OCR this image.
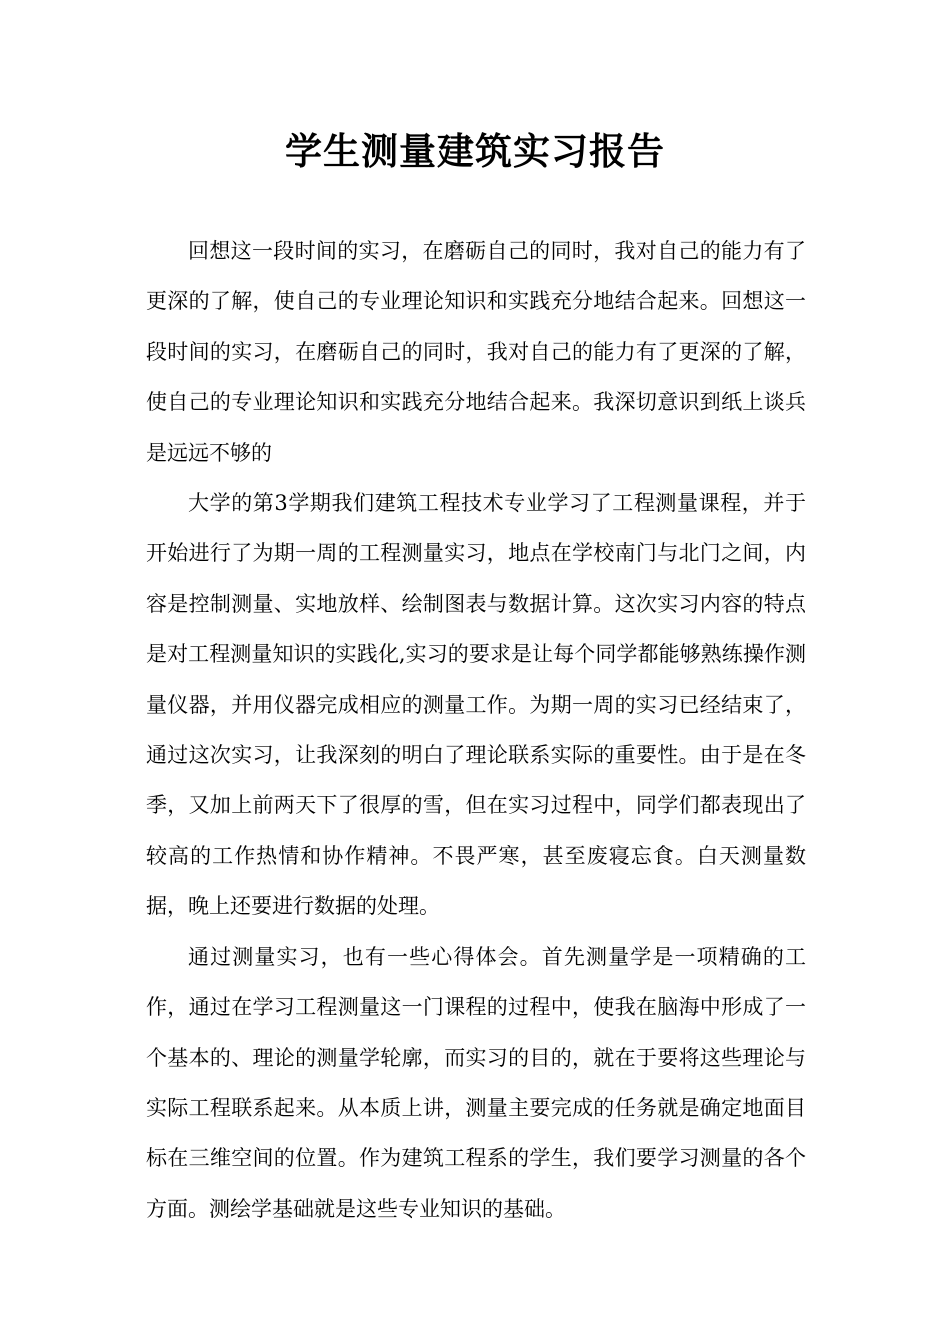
学生测量建筑实习报告

回想这一段时间的实习，在磨砺自己的同时，我对自己的能力有了更深的了解，使自己的专业理论知识和实践充分地结合起来。回想这一段时间的实习，在磨砺自己的同时，我对自己的能力有了更深的了解，使自己的专业理论知识和实践充分地结合起来。我深切意识到纸上谈兵是远远不够的

大学的第3学期我们建筑工程技术专业学习了工程测量课程，并于开始进行了为期一周的工程测量实习，地点在学校南门与北门之间，内容是控制测量、实地放样、绘制图表与数据计算。这次实习内容的特点是对工程测量知识的实践化,实习的要求是让每个同学都能够熟练操作测量仪器，并用仪器完成相应的测量工作。为期一周的实习已经结束了，通过这次实习，让我深刻的明白了理论联系实际的重要性。由于是在冬季，又加上前两天下了很厚的雪，但在实习过程中，同学们都表现出了较高的工作热情和协作精神。不畏严寒，甚至废寝忘食。白天测量数据，晚上还要进行数据的处理。

通过测量实习，也有一些心得体会。首先测量学是一项精确的工作，通过在学习工程测量这一门课程的过程中，使我在脑海中形成了一个基本的、理论的测量学轮廓，而实习的目的，就在于要将这些理论与实际工程联系起来。从本质上讲，测量主要完成的任务就是确定地面目标在三维空间的位置。作为建筑工程系的学生，我们要学习测量的各个方面。测绘学基础就是这些专业知识的基础。
